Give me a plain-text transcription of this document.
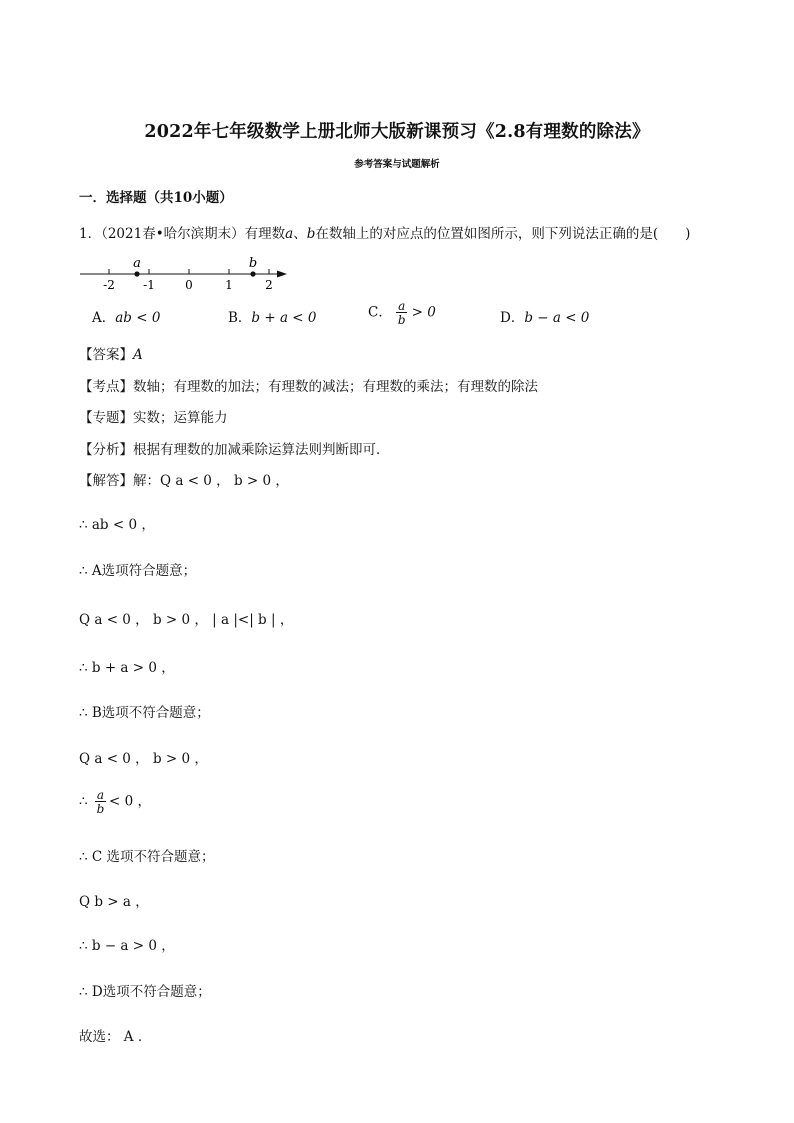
2022年七年级数学上册北师大版新课预习《2.8有理数的除法》
参考答案与试题解析
一．选择题（共10小题）
1．（2021春•哈尔滨期末）有理数a、b在数轴上的对应点的位置如图所示，则下列说法正确的是(　　)
-2 -1	0	1	2
a	b
A．ab < 0	B．b + a < 0	C． $\frac{a}{b} > 0$	D．b − a < 0
【答案】A
【考点】数轴；有理数的加法；有理数的减法；有理数的乘法；有理数的除法
【专题】实数；运算能力
【分析】根据有理数的加减乘除运算法则判断即可．
【解答】解：Q a < 0 ， b > 0 ，
∴ ab < 0 ，
∴ A选项符合题意；
Q a < 0 ， b > 0 ， | a |<| b | ，
∴ b + a > 0 ，
∴ B选项不符合题意；
Q a < 0 ， b > 0 ，
∴ $\frac{a}{b} < 0$ ，
∴ C 选项不符合题意；
Q b > a ，
∴ b − a > 0 ，
∴ D选项不符合题意；
故选： A ．
